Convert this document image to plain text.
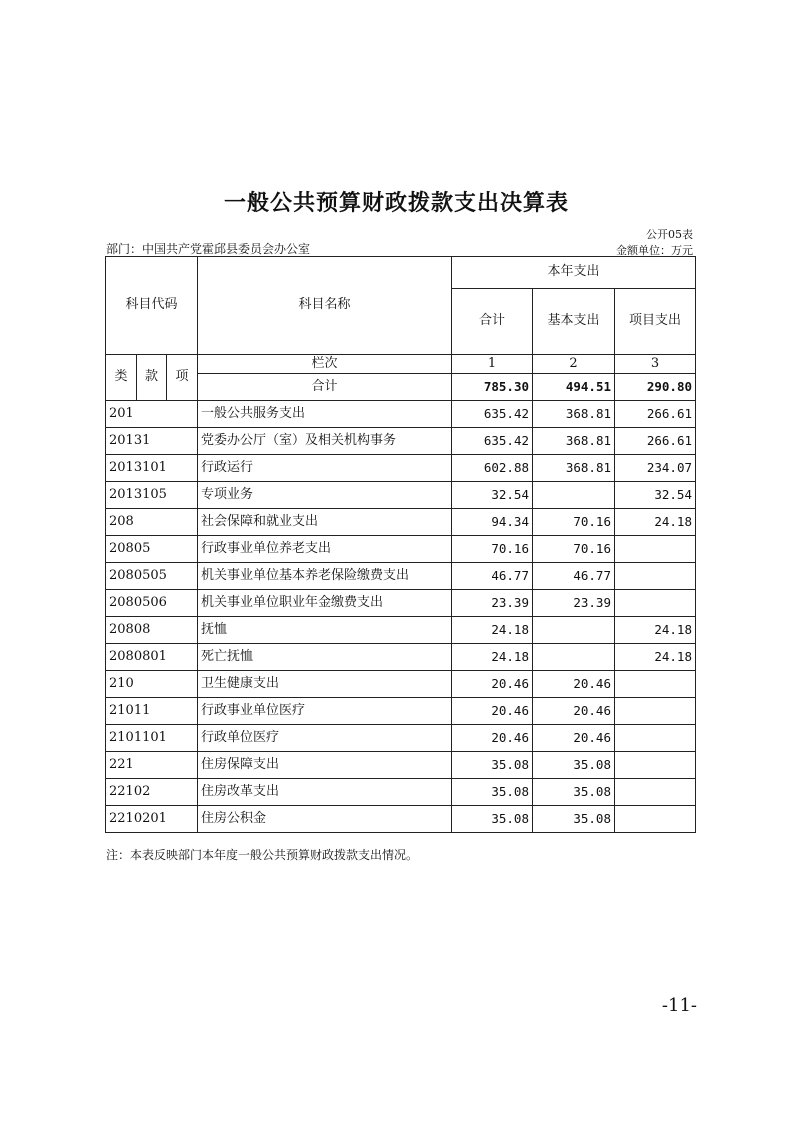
一般公共预算财政拨款支出决算表
公开05表
部门：中国共产党霍邱县委员会办公室	金额单位：万元
科目代码			科目名称	本年支出		
				合计	基本支出	项目支出
类	款	项	栏次	1	2	3
			合计	785.30	494.51	290.80
201			一般公共服务支出	635.42	368.81	266.61
20131			党委办公厅（室）及相关机构事务	635.42	368.81	266.61
2013101			行政运行	602.88	368.81	234.07
2013105			专项业务	32.54		32.54
208			社会保障和就业支出	94.34	70.16	24.18
20805			行政事业单位养老支出	70.16	70.16	
2080505			机关事业单位基本养老保险缴费支出	46.77	46.77	
2080506			机关事业单位职业年金缴费支出	23.39	23.39	
20808			抚恤	24.18		24.18
2080801			死亡抚恤	24.18		24.18
210			卫生健康支出	20.46	20.46	
21011			行政事业单位医疗	20.46	20.46	
2101101			行政单位医疗	20.46	20.46	
221			住房保障支出	35.08	35.08	
22102			住房改革支出	35.08	35.08	
2210201			住房公积金	35.08	35.08	
注：本表反映部门本年度一般公共预算财政拨款支出情况。
-11-
